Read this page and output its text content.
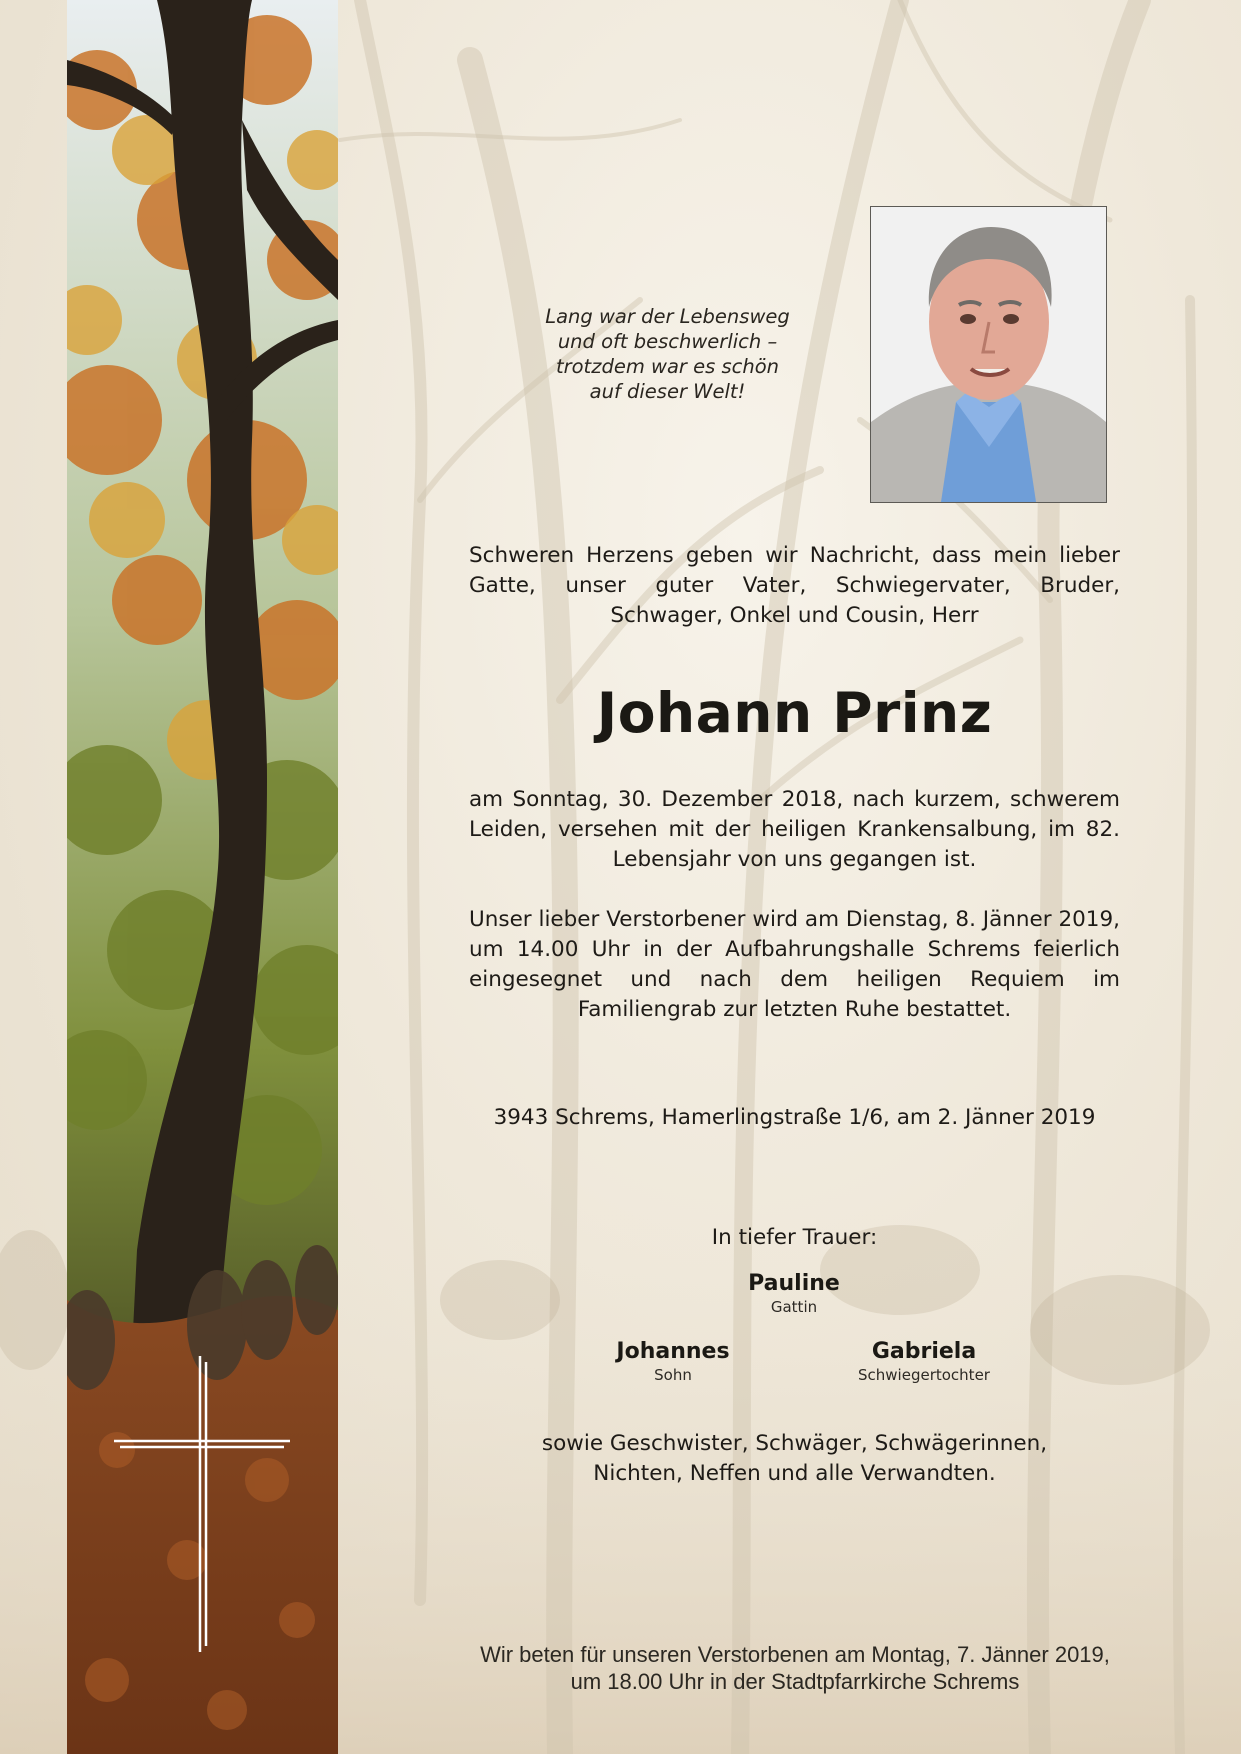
Lang war der Lebensweg
und oft beschwerlich –
trotzdem war es schön
auf dieser Welt!

Schweren Herzens geben wir Nachricht, dass mein lieber Gatte, unser guter Vater, Schwiegervater, Bruder, Schwager, Onkel und Cousin, Herr

Johann Prinz

am Sonntag, 30. Dezember 2018, nach kurzem, schwerem Leiden, versehen mit der heiligen Krankensalbung, im 82. Lebensjahr von uns gegangen ist.

Unser lieber Verstorbener wird am Dienstag, 8. Jänner 2019, um 14.00 Uhr in der Aufbahrungshalle Schrems feierlich eingesegnet und nach dem heiligen Requiem im Familiengrab zur letzten Ruhe bestattet.

3943 Schrems, Hamerlingstraße 1/6, am 2. Jänner 2019
In tiefer Trauer:
Pauline
Gattin
Johannes
Sohn
Gabriela
Schwiegertochter
sowie Geschwister, Schwäger, Schwägerinnen,
Nichten, Neffen und alle Verwandten.
Wir beten für unseren Verstorbenen am Montag, 7. Jänner 2019,
um 18.00 Uhr in der Stadtpfarrkirche Schrems
